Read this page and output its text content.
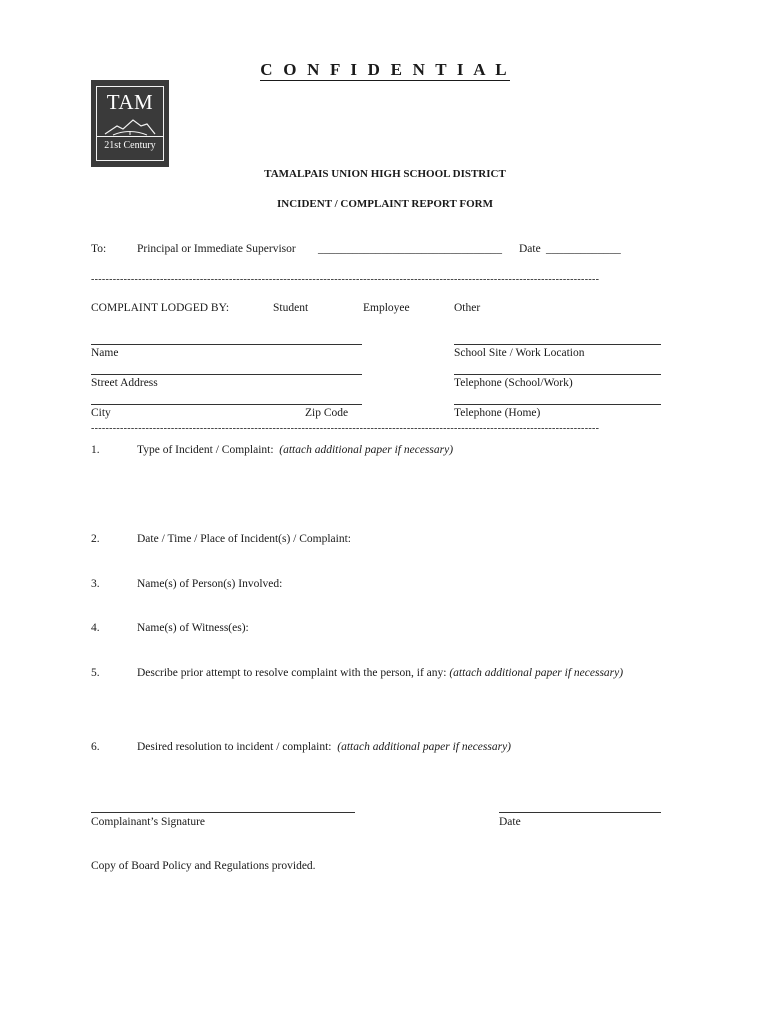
C O N F I D E N T I A L
TAM
21st Century
TAMALPAIS UNION HIGH SCHOOL DISTRICT
INCIDENT / COMPLAINT REPORT FORM
To:	Principal or Immediate Supervisor ________________________________ Date _____________
--------------------------------------------------------------------------------------------------------------------------------------------
COMPLAINT LODGED BY:	Student	Employee	Other
Name	School Site / Work Location
Street Address	Telephone (School/Work)
City	Zip Code	Telephone (Home)
--------------------------------------------------------------------------------------------------------------------------------------------
1.	Type of Incident / Complaint: (attach additional paper if necessary)
2.	Date / Time / Place of Incident(s) / Complaint:
3.	Name(s) of Person(s) Involved:
4.	Name(s) of Witness(es):
5.	Describe prior attempt to resolve complaint with the person, if any: (attach additional paper if necessary)
6.	Desired resolution to incident / complaint: (attach additional paper if necessary)
Complainant’s Signature	Date
Copy of Board Policy and Regulations provided.
